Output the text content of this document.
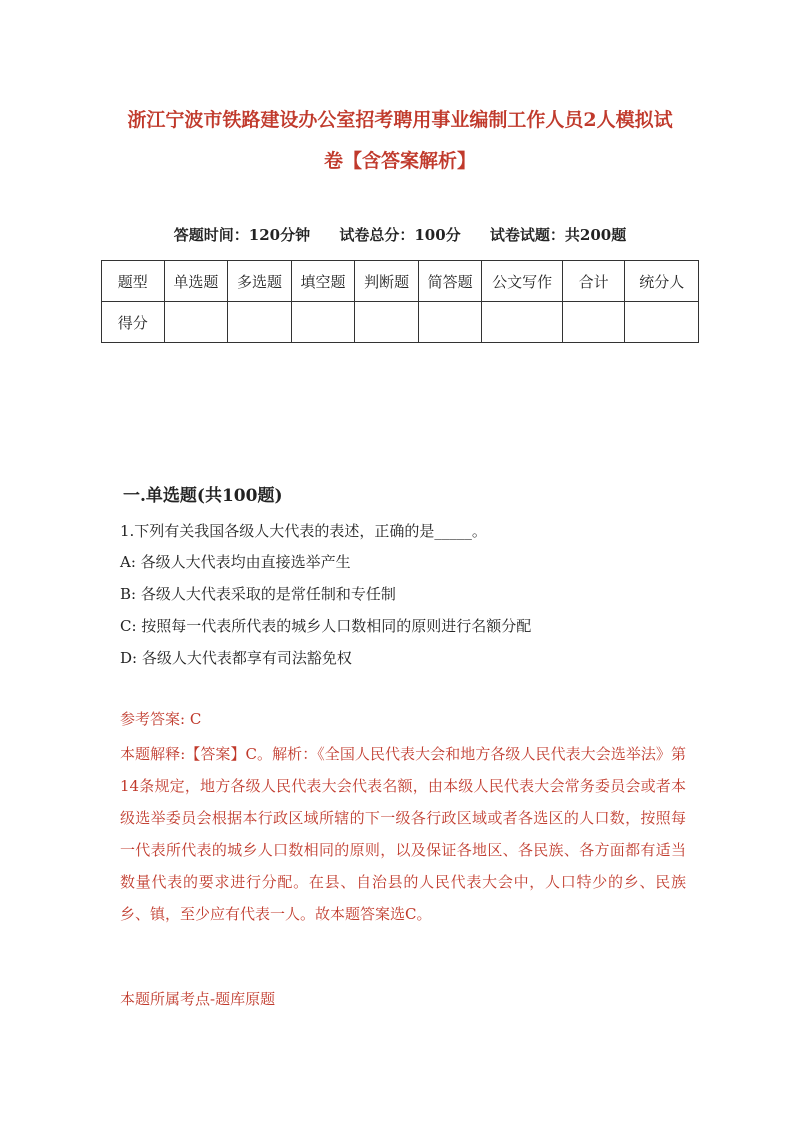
浙江宁波市铁路建设办公室招考聘用事业编制工作人员2人模拟试
卷【含答案解析】
答题时间：120分钟 试卷总分：100分 试卷试题：共200题
题型	单选题	多选题	填空题	判断题	简答题	公文写作	合计	统分人
得分								
一.单选题(共100题)
1.下列有关我国各级人大代表的表述，正确的是_____。
A: 各级人大代表均由直接选举产生
B: 各级人大代表采取的是常任制和专任制
C: 按照每一代表所代表的城乡人口数相同的原则进行名额分配
D: 各级人大代表都享有司法豁免权
参考答案: C
本题解释:【答案】C。解析：《全国人民代表大会和地方各级人民代表大会选举法》第14条规定，地方各级人民代表大会代表名额，由本级人民代表大会常务委员会或者本级选举委员会根据本行政区域所辖的下一级各行政区域或者各选区的人口数，按照每一代表所代表的城乡人口数相同的原则，以及保证各地区、各民族、各方面都有适当数量代表的要求进行分配。在县、自治县的人民代表大会中，人口特少的乡、民族乡、镇，至少应有代表一人。故本题答案选C。
本题所属考点-题库原题
